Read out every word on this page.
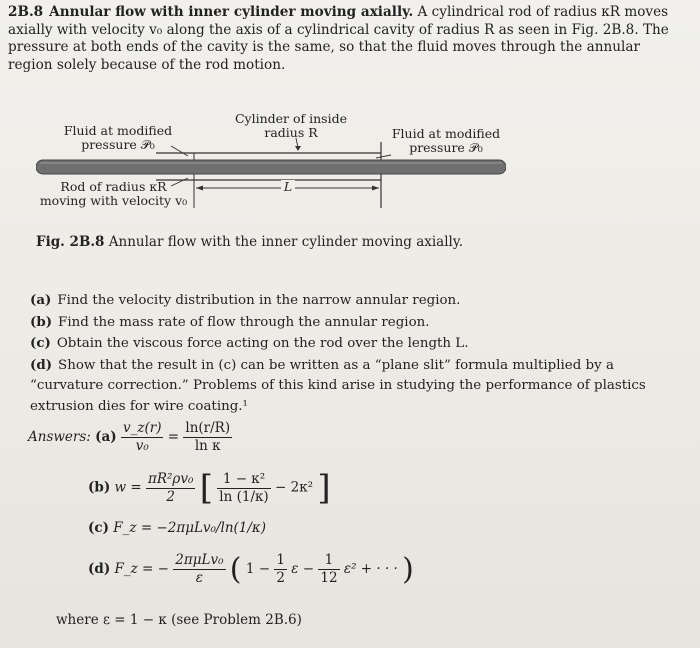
2B.8 Annular flow with inner cylinder moving axially. A cylindrical rod of radius κR moves axially with velocity v₀ along the axis of a cylindrical cavity of radius R as seen in Fig. 2B.8. The pressure at both ends of the cavity is the same, so that the fluid moves through the annular region solely because of the rod motion.
Fluid at modified
pressure 𝒫₀
Cylinder of inside
radius R	Fluid at modified
pressure 𝒫₀
Rod of radius κR
moving with velocity v₀
L
Fig. 2B.8 Annular flow with the inner cylinder moving axially.

(a) Find the velocity distribution in the narrow annular region.

(b) Find the mass rate of flow through the annular region.

(c) Obtain the viscous force acting on the rod over the length L.

(d) Show that the result in (c) can be written as a “plane slit” formula multiplied by a “curvature correction.” Problems of this kind arise in studying the performance of plastics extrusion dies for wire coating.¹

Answers: $(a) \frac{v\_z(r)}{\text{v₀}} = \frac{\ln(r/R)}{\text{ln κ}}$
(b) $w = \frac{\text{πR²ρv₀}}{2}$ [ $\frac{\text{1 − κ²}}{\ln (1/\kappa)} - 2\kappa^2$ ]
(c) F_z = −2πμLv₀/ln(1/κ)
(d) F_z = − $\frac{\text{2πμLv₀}}{\varepsilon}$ ( $1 - \frac{1}{2}$ $\varepsilon - \frac{1}{12} \varepsilon^2$ + · · · )
where ε = 1 − κ (see Problem 2B.6)
